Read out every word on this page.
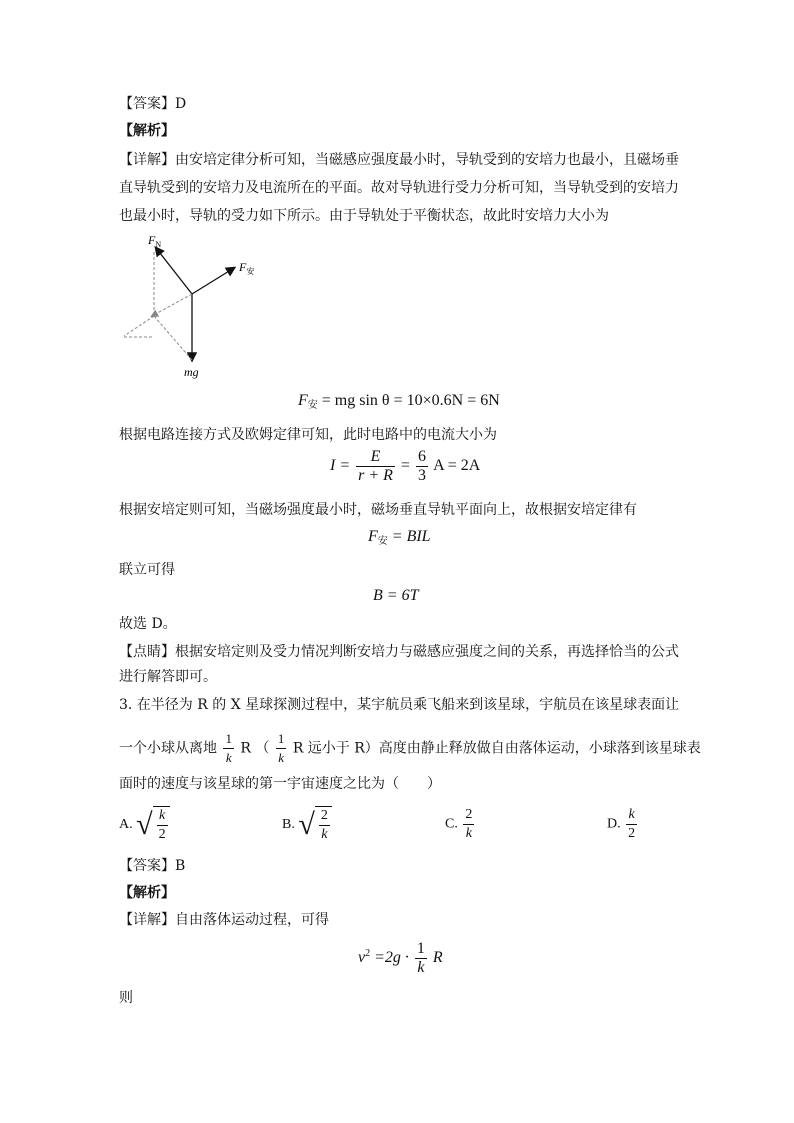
【答案】D
【解析】
【详解】由安培定律分析可知，当磁感应强度最小时，导轨受到的安培力也最小，且磁场垂
直导轨受到的安培力及电流所在的平面。故对导轨进行受力分析可知，当导轨受到的安培力
也最小时，导轨的受力如下所示。由于导轨处于平衡状态，故此时安培力大小为
$F_N$
$F_安$
mg
$F_安$ = mg sin θ = 10×0.6N = 6N
根据电路连接方式及欧姆定律可知，此时电路中的电流大小为
$I = \frac{E}{r + R} = \frac{6}{3}$ A = 2A
根据安培定则可知，当磁场强度最小时，磁场垂直导轨平面向上，故根据安培定律有
$F_安$ = BIL
联立可得
B = 6T
故选 D。
【点睛】根据安培定则及受力情况判断安培力与磁感应强度之间的关系，再选择恰当的公式
进行解答即可。
3. 在半径为 R 的 X 星球探测过程中，某宇航员乘飞船来到该星球，宇航员在该星球表面让
一个小球从离地 $\frac{1}{k}$ R （ $\frac{1}{k}$ R 远小于 R）高度由静止释放做自由落体运动，小球落到该星球表
面时的速度与该星球的第一宇宙速度之比为（　　）
A. √ $\frac{k}{2}$	B. √ $\frac{2}{k}$	C. $\frac{2}{k}$	D. $\frac{k}{2}$
【答案】B
【解析】
【详解】自由落体运动过程，可得
$v^2 =2g \cdot \frac{1}{k}$ R
则
